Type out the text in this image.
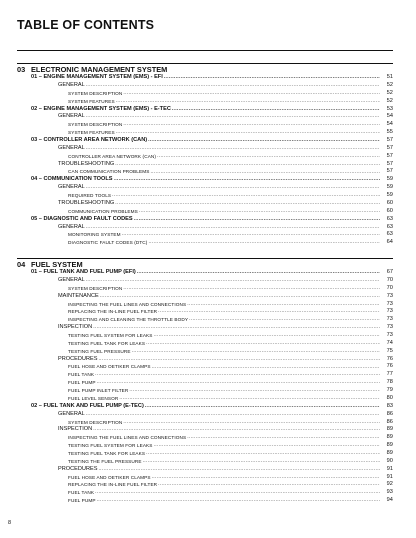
TABLE OF CONTENTS
03 ELECTRONIC MANAGEMENT SYSTEM
01 – ENGINE MANAGEMENT SYSTEM (EMS) - EFI .....	51
GENERAL .....	52
SYSTEM DESCRIPTION .....	52
SYSTEM FEATURES .....	52
02 – ENGINE MANAGEMENT SYSTEM (EMS) - E-TEC .....	53
GENERAL .....	54
SYSTEM DESCRIPTION .....	54
SYSTEM FEATURES .....	55
03 – CONTROLLER AREA NETWORK (CAN) .....	57
GENERAL .....	57
CONTROLLER AREA NETWORK (CAN) .....	57
TROUBLESHOOTING .....	57
CAN COMMUNICATION PROBLEMS .....	57
04 – COMMUNICATION TOOLS .....	59
GENERAL .....	59
REQUIRED TOOLS .....	59
TROUBLESHOOTING .....	60
COMMUNICATION PROBLEMS .....	60
05 – DIAGNOSTIC AND FAULT CODES .....	63
GENERAL .....	63
MONITORING SYSTEM .....	63
DIAGNOSTIC FAULT CODES (DTC) .....	64
04 FUEL SYSTEM
01 – FUEL TANK AND FUEL PUMP (EFI) .....	67
GENERAL .....	70
SYSTEM DESCRIPTION .....	70
MAINTENANCE .....	73
INSPECTING THE FUEL LINES AND CONNECTIONS .....	73
REPLACING THE IN-LINE FUEL FILTER .....	73
INSPECTING AND CLEANING THE THROTTLE BODY .....	73
INSPECTION .....	73
TESTING FUEL SYSTEM FOR LEAKS .....	73
TESTING FUEL TANK FOR LEAKS .....	74
TESTING FUEL PRESSURE .....	75
PROCEDURES .....	76
FUEL HOSE AND OETIKER CLAMPS .....	76
FUEL TANK .....	77
FUEL PUMP .....	78
FUEL PUMP INLET FILTER .....	79
FUEL LEVEL SENSOR .....	80
02 – FUEL TANK AND FUEL PUMP (E-TEC) .....	83
GENERAL .....	86
SYSTEM DESCRIPTION .....	86
INSPECTION .....	89
INSPECTING THE FUEL LINES AND CONNECTIONS .....	89
TESTING FUEL SYSTEM FOR LEAKS .....	89
TESTING FUEL TANK FOR LEAKS .....	89
TESTING THE FUEL PRESSURE .....	90
PROCEDURES .....	91
FUEL HOSE AND OETIKER CLAMPS .....	91
REPLACING THE IN-LINE FUEL FILTER .....	92
FUEL TANK .....	93
FUEL PUMP .....	94
8
